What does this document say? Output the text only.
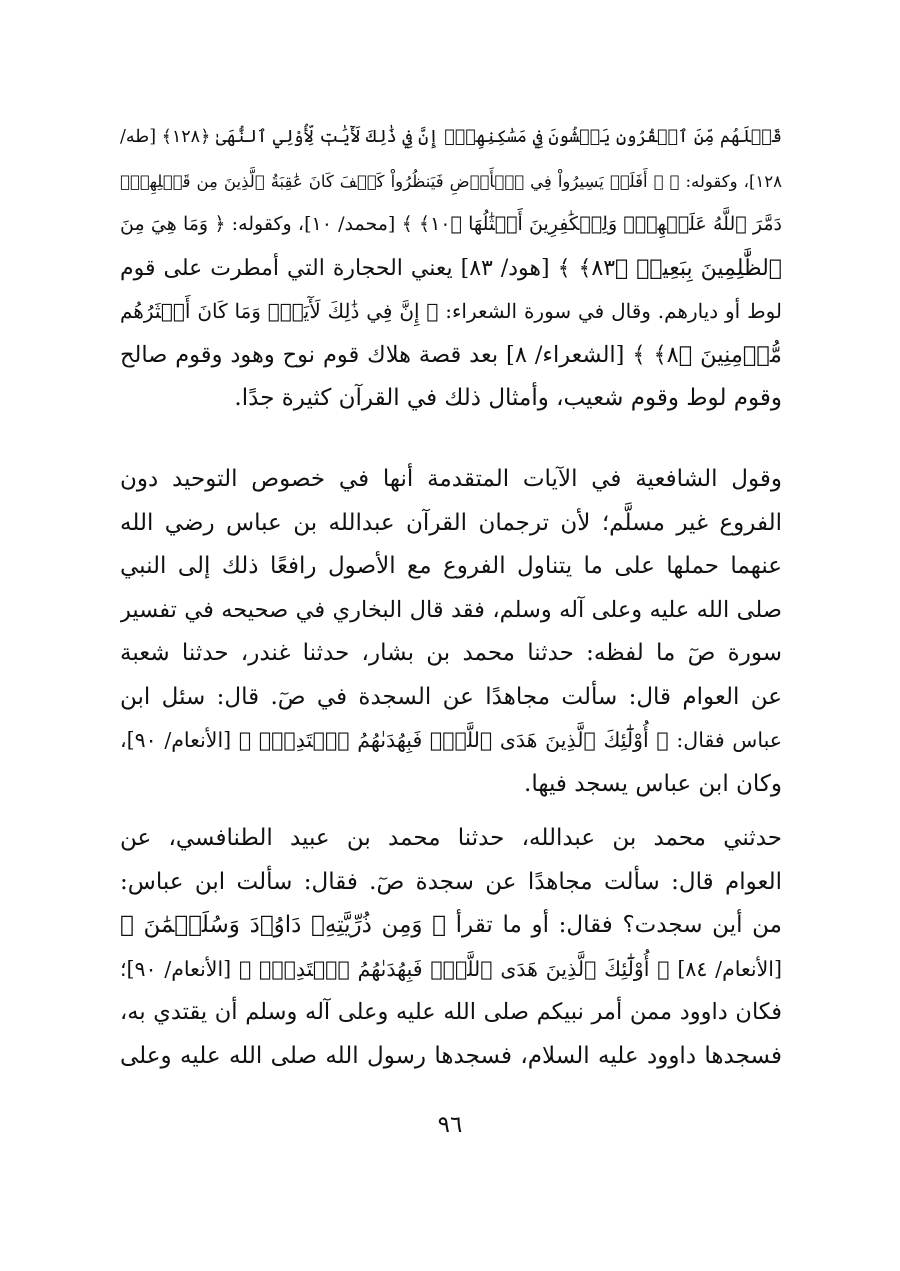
قَبۡلَهُم مِّنَ ٱلۡقُرُونِ يَمۡشُونَ فِي مَسَٰكِنِهِمۡۚ إِنَّ فِي ذَٰلِكَ لَأٓيَٰتٖ لِّأُوْلِي ٱلنُّهَىٰ ﴿١٢٨﴾ [طه/
١٢٨]، وكقوله: ﴿ ۞ أَفَلَمۡ يَسِيرُواْ فِي ٱلۡأَرۡضِ فَيَنظُرُواْ كَيۡفَ كَانَ عَٰقِبَةُ ٱلَّذِينَ مِن قَبۡلِهِمۡۖ
دَمَّرَ ٱللَّهُ عَلَيۡهِمۡۖ وَلِلۡكَٰفِرِينَ أَمۡثَٰلُهَا ﴿١٠﴾ ﴾ [محمد/ ١٠]، وكقوله: ﴿ وَمَا هِيَ مِنَ
ٱلظَّٰلِمِينَ بِبَعِيدٖ ﴿٨٣﴾ ﴾ [هود/ ٨٣] يعني الحجارة التي أمطرت على قوم
لوط أو ديارهم. وقال في سورة الشعراء: ﴿ إِنَّ فِي ذَٰلِكَ لَأٓيَةٗۖ وَمَا كَانَ أَكۡثَرُهُم
مُّؤۡمِنِينَ ﴿٨﴾ ﴾ [الشعراء/ ٨] بعد قصة هلاك قوم نوح وهود وقوم صالح
وقوم لوط وقوم شعيب، وأمثال ذلك في القرآن كثيرة جدًا.
وقول الشافعية في الآيات المتقدمة أنها في خصوص التوحيد دون
الفروع غير مسلَّم؛ لأن ترجمان القرآن عبدالله بن عباس رضي الله
عنهما حملها على ما يتناول الفروع مع الأصول رافعًا ذلك إلى النبي
صلى الله عليه وعلى آله وسلم، فقد قال البخاري في صحيحه في تفسير
سورة صٓ ما لفظه: حدثنا محمد بن بشار، حدثنا غندر، حدثنا شعبة
عن العوام قال: سألت مجاهدًا عن السجدة في صٓ. قال: سئل ابن
عباس فقال: ﴿ أُوْلَٰٓئِكَ ٱلَّذِينَ هَدَى ٱللَّهُۖ فَبِهُدَىٰهُمُ ٱقۡتَدِهۡۗ ﴾ [الأنعام/ ٩٠]،
وكان ابن عباس يسجد فيها.
حدثني محمد بن عبدالله، حدثنا محمد بن عبيد الطنافسي، عن
العوام قال: سألت مجاهدًا عن سجدة صٓ. فقال: سألت ابن عباس:
من أين سجدت؟ فقال: أو ما تقرأ ﴿ وَمِن ذُرِّيَّتِهِۦ دَاوُۥدَ وَسُلَيۡمَٰنَ ﴾
[الأنعام/ ٨٤] ﴿ أُوْلَٰٓئِكَ ٱلَّذِينَ هَدَى ٱللَّهُۖ فَبِهُدَىٰهُمُ ٱقۡتَدِهۡۗ ﴾ [الأنعام/ ٩٠]؛
فكان داوود ممن أمر نبيكم صلى الله عليه وعلى آله وسلم أن يقتدي به،
فسجدها داوود عليه السلام، فسجدها رسول الله صلى الله عليه وعلى
٩٦
